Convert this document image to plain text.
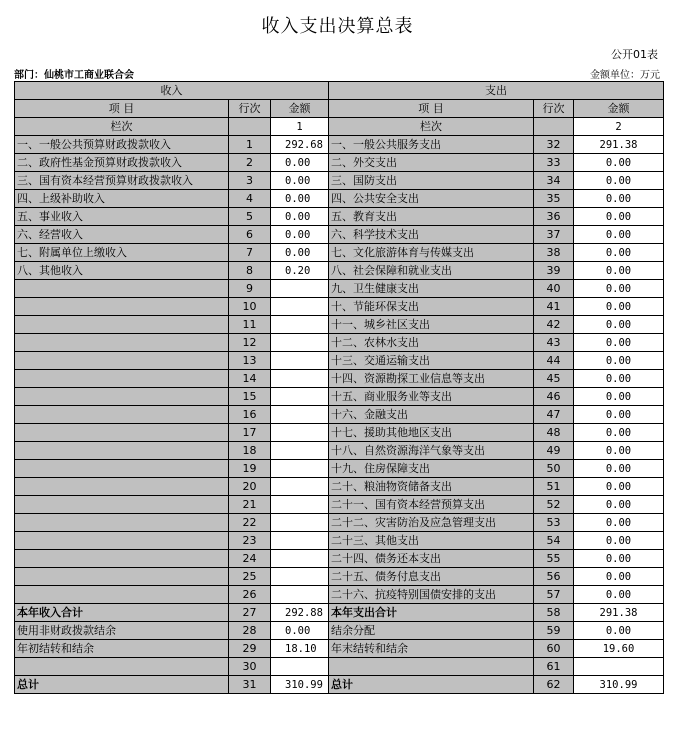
收入支出决算总表
公开01表
部门：仙桃市工商业联合会	金额单位：万元
收入			支出		
项 目	行次	金额	项 目	行次	金额
栏次		1	栏次		2
一、一般公共预算财政拨款收入	1	292.68	一、一般公共服务支出	32	291.38
二、政府性基金预算财政拨款收入	2	0.00	二、外交支出	33	0.00
三、国有资本经营预算财政拨款收入	3	0.00	三、国防支出	34	0.00
四、上级补助收入	4	0.00	四、公共安全支出	35	0.00
五、事业收入	5	0.00	五、教育支出	36	0.00
六、经营收入	6	0.00	六、科学技术支出	37	0.00
七、附属单位上缴收入	7	0.00	七、文化旅游体育与传媒支出	38	0.00
八、其他收入	8	0.20	八、社会保障和就业支出	39	0.00
	9		九、卫生健康支出	40	0.00
	10		十、节能环保支出	41	0.00
	11		十一、城乡社区支出	42	0.00
	12		十二、农林水支出	43	0.00
	13		十三、交通运输支出	44	0.00
	14		十四、资源勘探工业信息等支出	45	0.00
	15		十五、商业服务业等支出	46	0.00
	16		十六、金融支出	47	0.00
	17		十七、援助其他地区支出	48	0.00
	18		十八、自然资源海洋气象等支出	49	0.00
	19		十九、住房保障支出	50	0.00
	20		二十、粮油物资储备支出	51	0.00
	21		二十一、国有资本经营预算支出	52	0.00
	22		二十二、灾害防治及应急管理支出	53	0.00
	23		二十三、其他支出	54	0.00
	24		二十四、债务还本支出	55	0.00
	25		二十五、债务付息支出	56	0.00
	26		二十六、抗疫特别国债安排的支出	57	0.00
本年收入合计	27	292.88	本年支出合计	58	291.38
使用非财政拨款结余	28	0.00	结余分配	59	0.00
年初结转和结余	29	18.10	年末结转和结余	60	19.60
	30			61	
总计	31	310.99	总计	62	310.99
